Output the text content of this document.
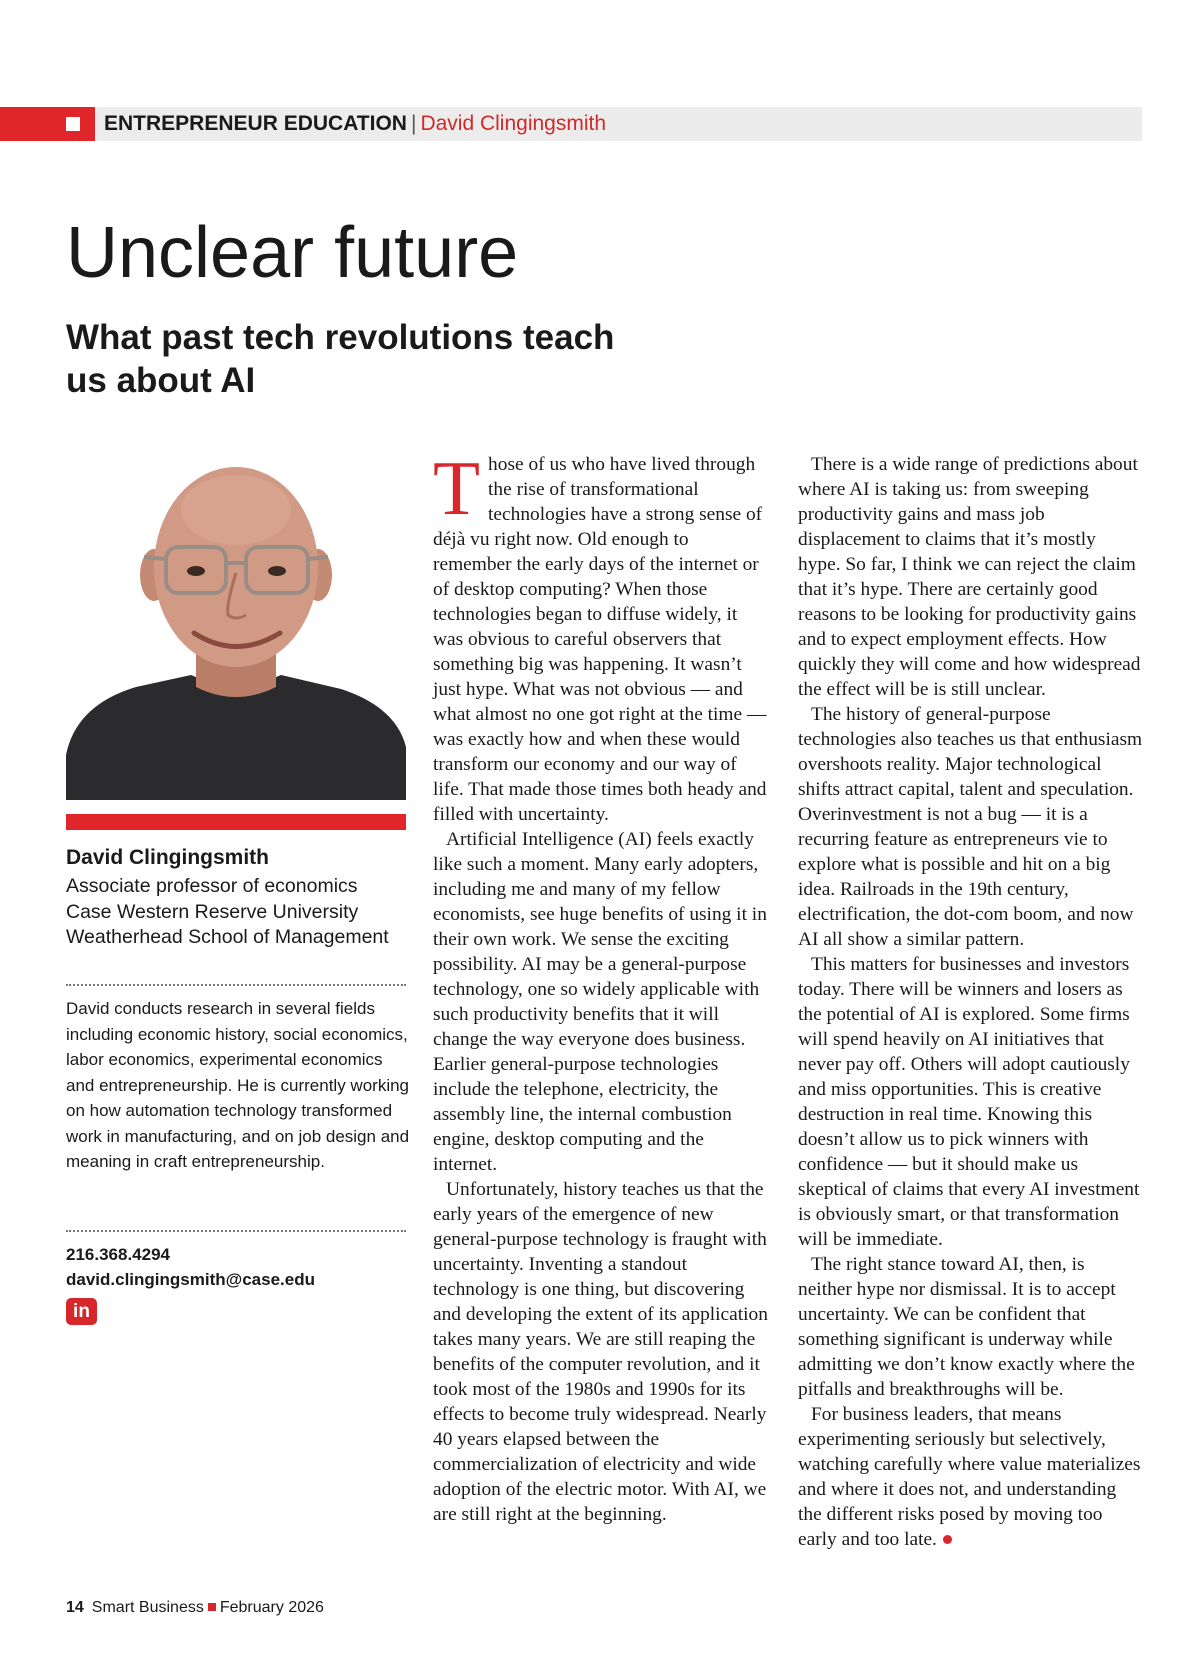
ENTREPRENEUR EDUCATION | David Clingingsmith
Unclear future
What past tech revolutions teach us about AI
David Clingingsmith
Associate professor of economics Case Western Reserve University Weatherhead School of Management
David conducts research in several fields including economic history, social economics, labor economics, experimental economics and entrepreneurship. He is currently working on how automation technology transformed work in manufacturing, and on job design and meaning in craft entrepreneurship.
216.368.4294
david.clingingsmith@case.edu
in

Those of us who have lived through the rise of transformational technologies have a strong sense of déjà vu right now. Old enough to remember the early days of the internet or of desktop computing? When those technologies began to diffuse widely, it was obvious to careful observers that something big was happening. It wasn’t just hype. What was not obvious — and what almost no one got right at the time — was exactly how and when these would transform our economy and our way of life. That made those times both heady and filled with uncertainty.

Artificial Intelligence (AI) feels exactly like such a moment. Many early adopters, including me and many of my fellow economists, see huge benefits of using it in their own work. We sense the exciting possibility. AI may be a general-purpose technology, one so widely applicable with such productivity benefits that it will change the way everyone does business. Earlier general-purpose technologies include the telephone, electricity, the assembly line, the internal combustion engine, desktop computing and the internet.

Unfortunately, history teaches us that the early years of the emergence of new general-purpose technology is fraught with uncertainty. Inventing a standout technology is one thing, but discovering and developing the extent of its application takes many years. We are still reaping the benefits of the computer revolution, and it took most of the 1980s and 1990s for its effects to become truly widespread. Nearly 40 years elapsed between the commercialization of electricity and wide adoption of the electric motor. With AI, we are still right at the beginning.

There is a wide range of predictions about where AI is taking us: from sweeping productivity gains and mass job displacement to claims that it’s mostly hype. So far, I think we can reject the claim that it’s hype. There are certainly good reasons to be looking for productivity gains and to expect employment effects. How quickly they will come and how widespread the effect will be is still unclear.

The history of general-purpose technologies also teaches us that enthusiasm overshoots reality. Major technological shifts attract capital, talent and speculation. Overinvestment is not a bug — it is a recurring feature as entrepreneurs vie to explore what is possible and hit on a big idea. Railroads in the 19th century, electrification, the dot-com boom, and now AI all show a similar pattern.

This matters for businesses and investors today. There will be winners and losers as the potential of AI is explored. Some firms will spend heavily on AI initiatives that never pay off. Others will adopt cautiously and miss opportunities. This is creative destruction in real time. Knowing this doesn’t allow us to pick winners with confidence — but it should make us skeptical of claims that every AI investment is obviously smart, or that transformation will be immediate.

The right stance toward AI, then, is neither hype nor dismissal. It is to accept uncertainty. We can be confident that something significant is underway while admitting we don’t know exactly where the pitfalls and breakthroughs will be.

For business leaders, that means experimenting seriously but selectively, watching carefully where value materializes and where it does not, and understanding the different risks posed by moving too early and too late.

14 Smart Business February 2026
